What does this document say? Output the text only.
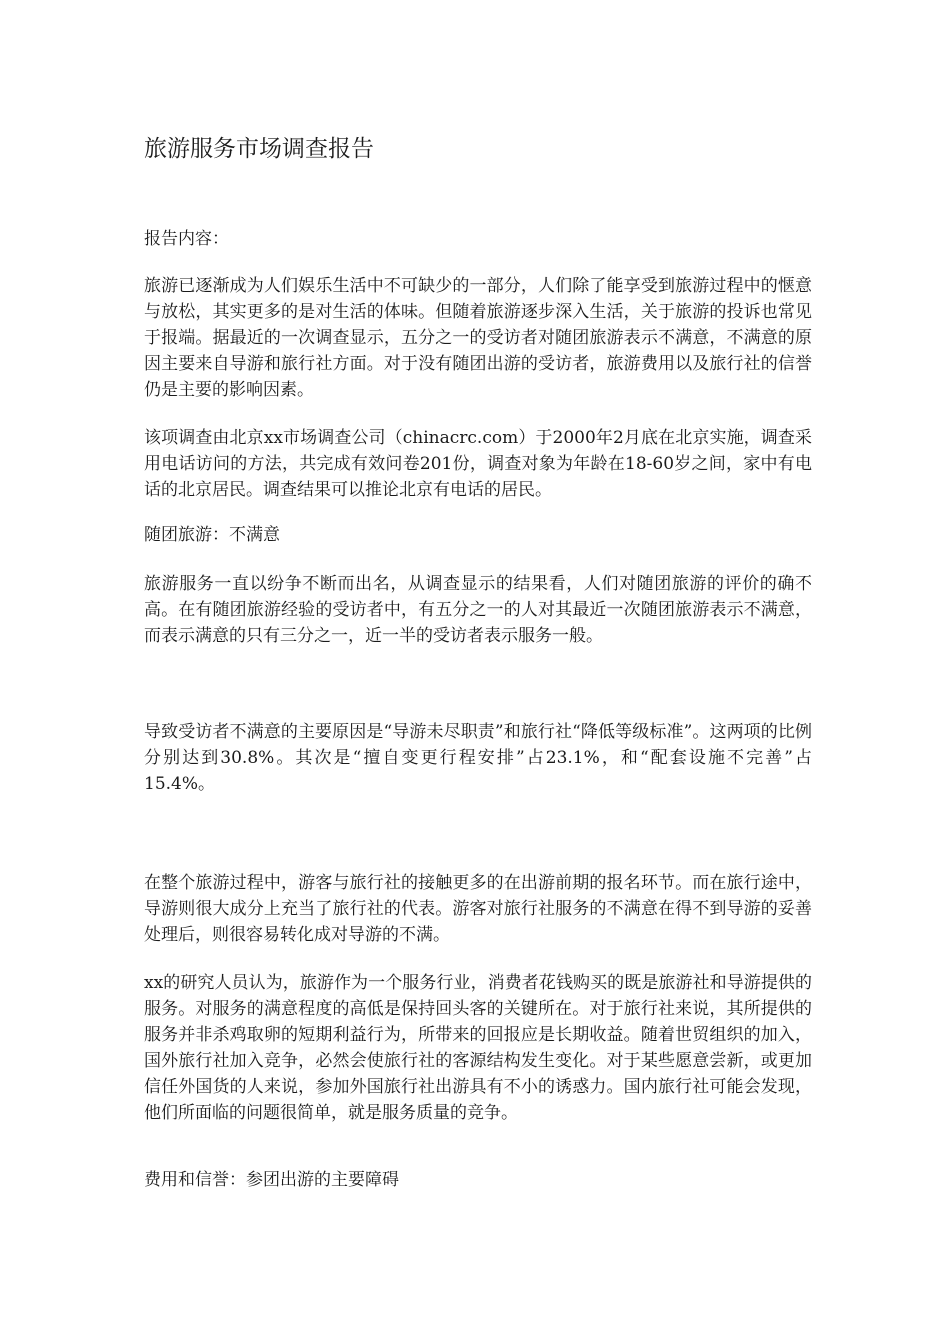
旅游服务市场调查报告

报告内容：

旅游已逐渐成为人们娱乐生活中不可缺少的一部分，人们除了能享受到旅游过程中的惬意与放松，其实更多的是对生活的体味。但随着旅游逐步深入生活，关于旅游的投诉也常见于报端。据最近的一次调查显示，五分之一的受访者对随团旅游表示不满意，不满意的原因主要来自导游和旅行社方面。对于没有随团出游的受访者，旅游费用以及旅行社的信誉仍是主要的影响因素。

该项调查由北京xx市场调查公司（chinacrc.com）于2000年2月底在北京实施，调查采用电话访问的方法，共完成有效问卷201份，调查对象为年龄在18-60岁之间，家中有电话的北京居民。调查结果可以推论北京有电话的居民。

随团旅游：不满意

旅游服务一直以纷争不断而出名，从调查显示的结果看，人们对随团旅游的评价的确不高。在有随团旅游经验的受访者中，有五分之一的人对其最近一次随团旅游表示不满意，而表示满意的只有三分之一，近一半的受访者表示服务一般。

导致受访者不满意的主要原因是“导游未尽职责”和旅行社“降低等级标准”。这两项的比例分别达到30.8%。其次是“擅自变更行程安排”占23.1%，和“配套设施不完善”占15.4%。

在整个旅游过程中，游客与旅行社的接触更多的在出游前期的报名环节。而在旅行途中，导游则很大成分上充当了旅行社的代表。游客对旅行社服务的不满意在得不到导游的妥善处理后，则很容易转化成对导游的不满。

xx的研究人员认为，旅游作为一个服务行业，消费者花钱购买的既是旅游社和导游提供的服务。对服务的满意程度的高低是保持回头客的关键所在。对于旅行社来说，其所提供的服务并非杀鸡取卵的短期利益行为，所带来的回报应是长期收益。随着世贸组织的加入，国外旅行社加入竞争，必然会使旅行社的客源结构发生变化。对于某些愿意尝新，或更加信任外国货的人来说，参加外国旅行社出游具有不小的诱惑力。国内旅行社可能会发现，他们所面临的问题很简单，就是服务质量的竞争。

费用和信誉：参团出游的主要障碍
